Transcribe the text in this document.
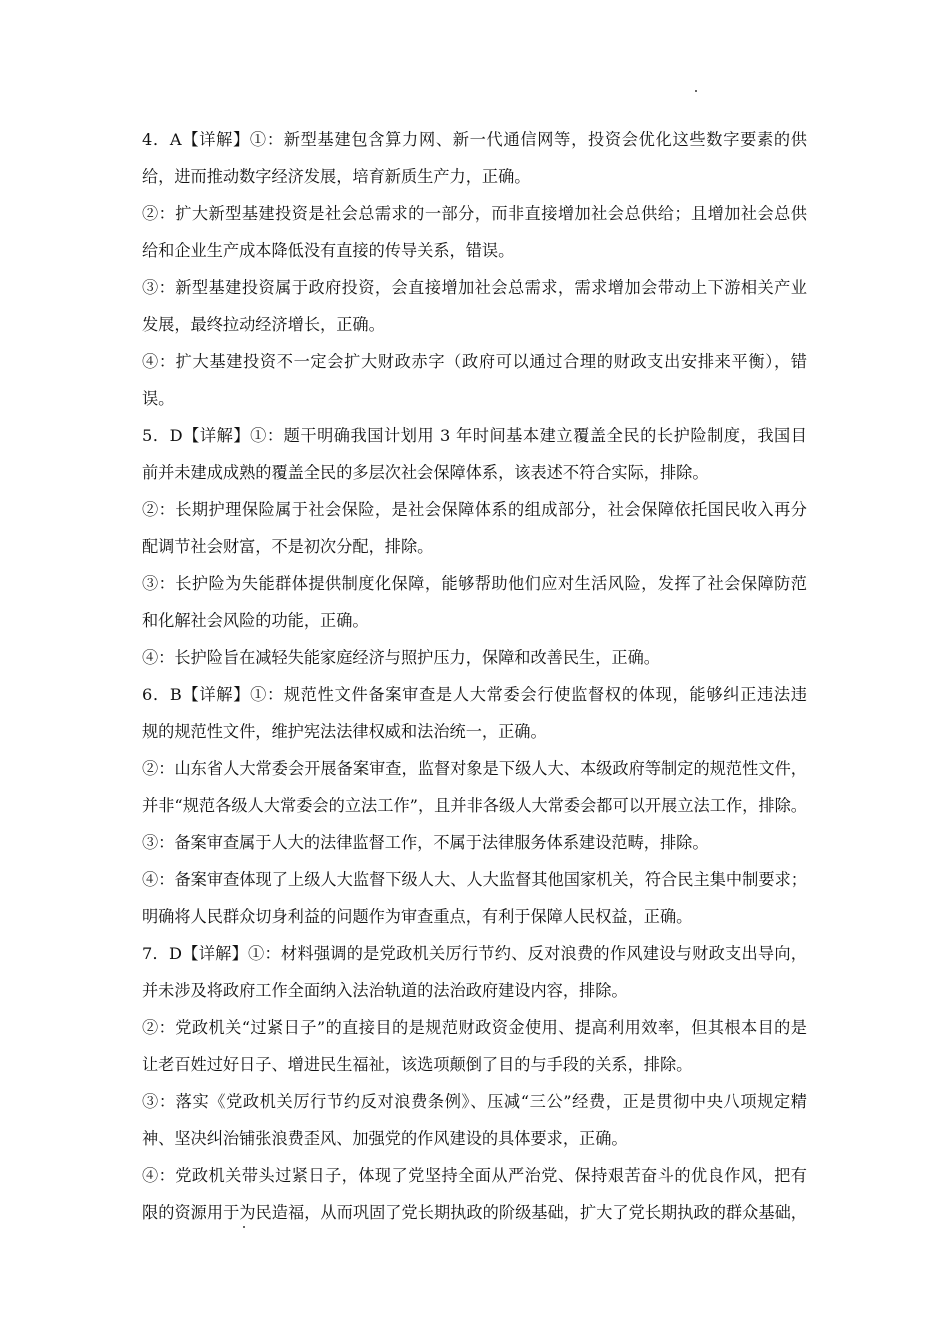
4．A【详解】①：新型基建包含算力网、新一代通信网等，投资会优化这些数字要素的供
给，进而推动数字经济发展，培育新质生产力，正确。
②：扩大新型基建投资是社会总需求的一部分，而非直接增加社会总供给；且增加社会总供
给和企业生产成本降低没有直接的传导关系，错误。
③：新型基建投资属于政府投资，会直接增加社会总需求，需求增加会带动上下游相关产业
发展，最终拉动经济增长，正确。
④：扩大基建投资不一定会扩大财政赤字（政府可以通过合理的财政支出安排来平衡），错
误。
5．D【详解】①：题干明确我国计划用 3 年时间基本建立覆盖全民的长护险制度，我国目
前并未建成成熟的覆盖全民的多层次社会保障体系，该表述不符合实际，排除。
②：长期护理保险属于社会保险，是社会保障体系的组成部分，社会保障依托国民收入再分
配调节社会财富，不是初次分配，排除。
③：长护险为失能群体提供制度化保障，能够帮助他们应对生活风险，发挥了社会保障防范
和化解社会风险的功能，正确。
④：长护险旨在减轻失能家庭经济与照护压力，保障和改善民生，正确。
6．B【详解】①：规范性文件备案审查是人大常委会行使监督权的体现，能够纠正违法违
规的规范性文件，维护宪法法律权威和法治统一，正确。
②：山东省人大常委会开展备案审查，监督对象是下级人大、本级政府等制定的规范性文件，
并非“规范各级人大常委会的立法工作”，且并非各级人大常委会都可以开展立法工作，排除。
③：备案审查属于人大的法律监督工作，不属于法律服务体系建设范畴，排除。
④：备案审查体现了上级人大监督下级人大、人大监督其他国家机关，符合民主集中制要求；
明确将人民群众切身利益的问题作为审查重点，有利于保障人民权益，正确。
7．D【详解】①：材料强调的是党政机关厉行节约、反对浪费的作风建设与财政支出导向，
并未涉及将政府工作全面纳入法治轨道的法治政府建设内容，排除。
②：党政机关“过紧日子”的直接目的是规范财政资金使用、提高利用效率，但其根本目的是
让老百姓过好日子、增进民生福祉，该选项颠倒了目的与手段的关系，排除。
③：落实《党政机关厉行节约反对浪费条例》、压减“三公”经费，正是贯彻中央八项规定精
神、坚决纠治铺张浪费歪风、加强党的作风建设的具体要求，正确。
④：党政机关带头过紧日子，体现了党坚持全面从严治党、保持艰苦奋斗的优良作风，把有
限的资源用于为民造福，从而巩固了党长期执政的阶级基础，扩大了党长期执政的群众基础，
